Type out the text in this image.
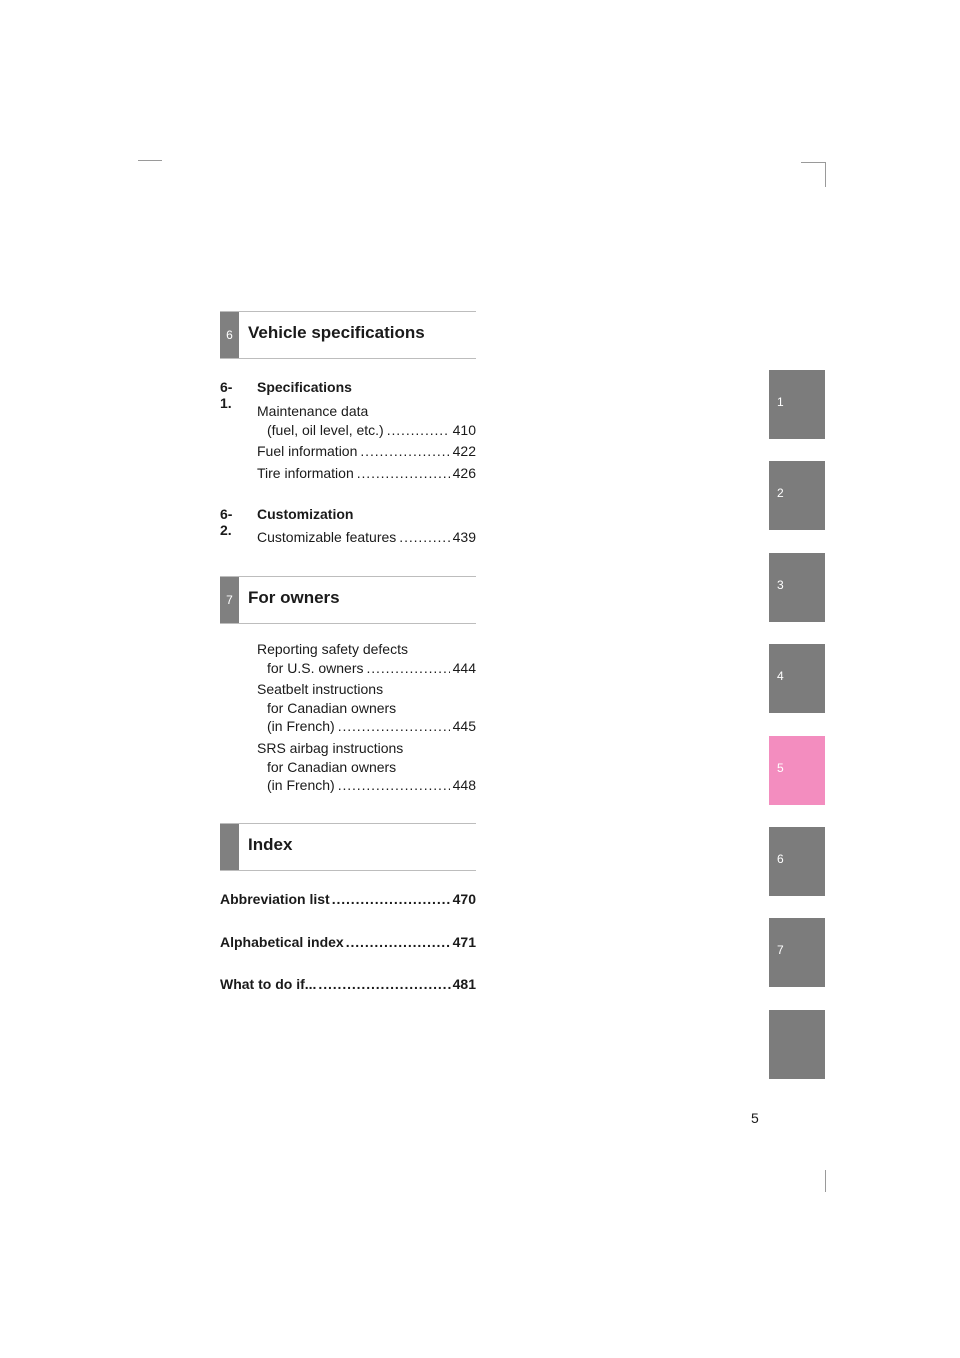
6 Vehicle specifications
6-1.
Specifications
Maintenance data
(fuel, oil level, etc.) . . .	410
Fuel information . . .	422
Tire information . . .	426
6-2.
Customization
Customizable features . . .	439
7 For owners
Reporting safety defects
for U.S. owners . . .	444
Seatbelt instructions
for Canadian owners
(in French) . . .	445
SRS airbag instructions
for Canadian owners
(in French) . . .	448
Index
Abbreviation list . . .	470
Alphabetical index . . .	471
What to do if... . . .	481
1
2
3
4
5
6
7
5
